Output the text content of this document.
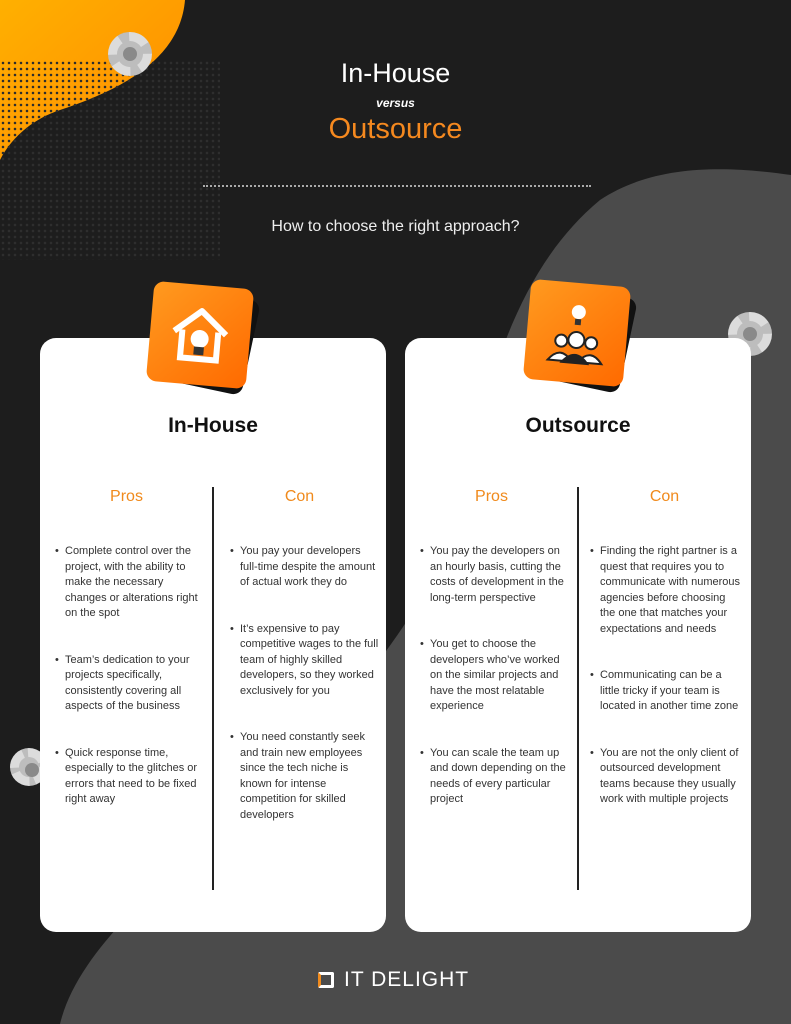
In-House
versus
Outsource
How to choose the right approach?
In-House
Pros	Con
• Complete control over the project, with the ability to make the necessary changes or alterations right on the spot
• Team’s dedication to your projects specifically, consistently covering all aspects of the business
• Quick response time, especially to the glitches or errors that need to be fixed right away
• You pay your developers full-time despite the amount of actual work they do
• It’s expensive to pay competitive wages to the full team of highly skilled developers, so they worked exclusively for you
• You need constantly seek and train new employees since the tech niche is known for intense competition for skilled developers
Outsource
Pros	Con
• You pay the developers on an hourly basis, cutting the costs of development in the long-term perspective
• You get to choose the developers who’ve worked on the similar projects and have the most relatable experience
• You can scale the team up and down depending on the needs of every particular project
• Finding the right partner is a quest that requires you to communicate with numerous agencies before choosing the one that matches your expectations and needs
• Communicating can be a little tricky if your team is located in another time zone
• You are not the only client of outsourced development teams because they usually work with multiple projects
IT DELIGHT
